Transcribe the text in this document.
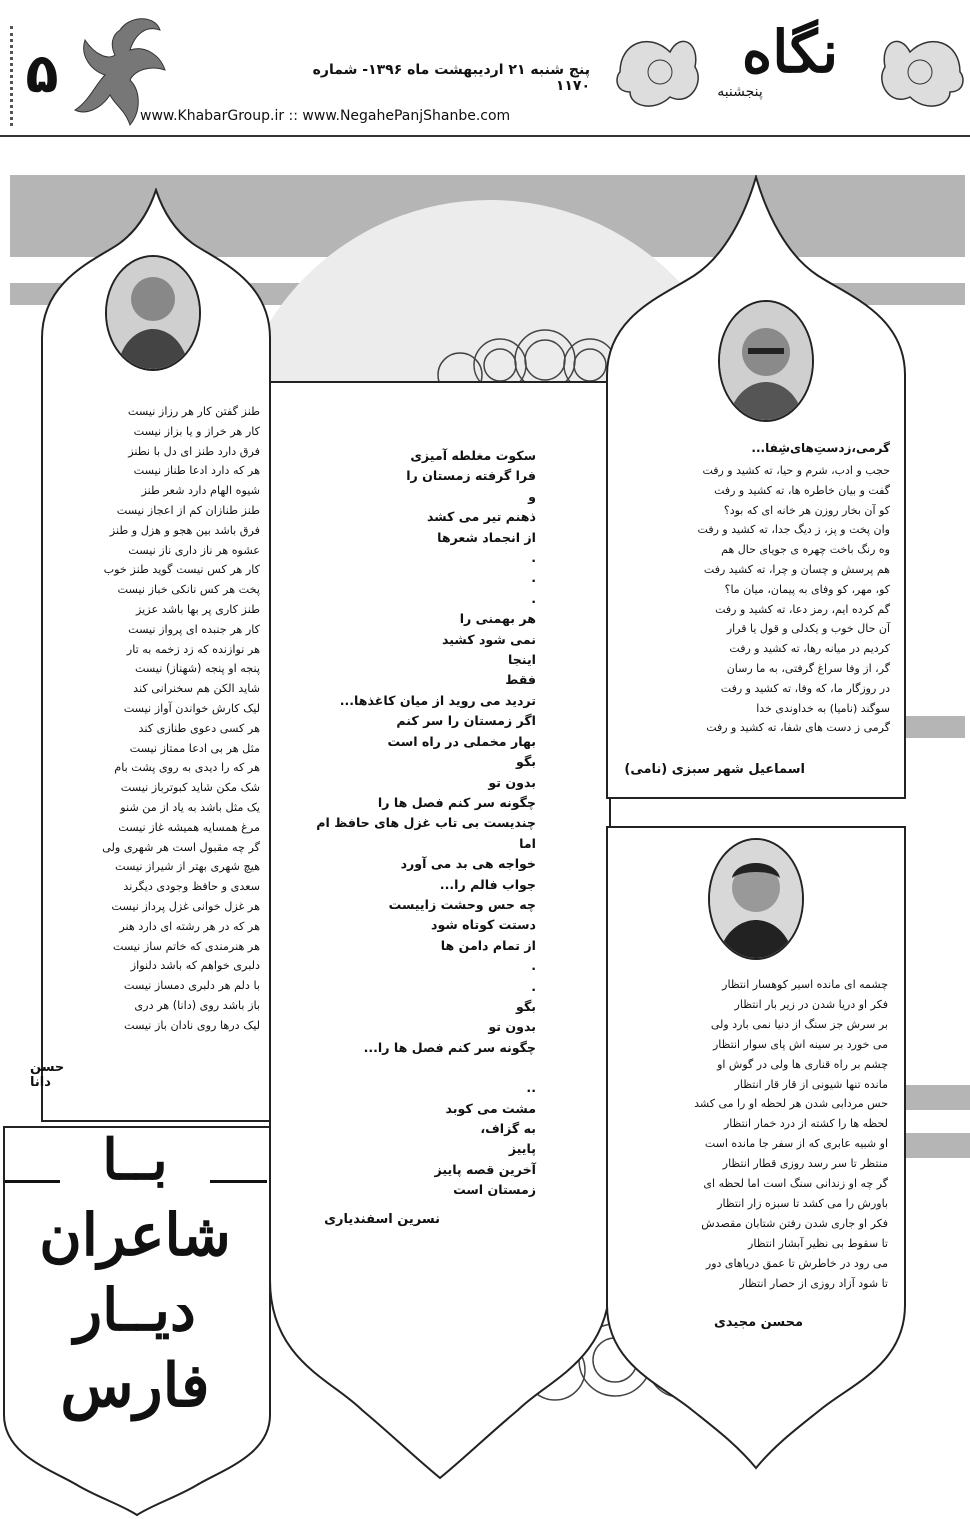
۵	پنج شنبه ۲۱ اردیبهشت ماه ۱۳۹۶- شماره ۱۱۷۰
www.KhabarGroup.ir :: www.NegahePanjShanbe.com
نگاه
پنجشنبه
طنز گفتن کار هر رزاز نیست
کار هر خراز و یا بزاز نیست
فرق دارد طنز ای دل با نطنز
هر که دارد ادعا طناز نیست
شیوه الهام دارد شعر طنز
طنز طنازان کم از اعجاز نیست
فرق باشد بین هجو و هزل و طنز
عشوه هر ناز داری ناز نیست
کار هر کس نیست گوید طنز خوب
پخت هر کس نانکی خباز نیست
طنز کاری پر بها باشد عزیز
کار هر جنبده ای پرواز نیست
هر نوازنده که زد زخمه به تار
پنجه او پنجه (شهناز) نیست
شاید الکن هم سخنرانی کند
لیک کارش خواندن آواز نیست
هر کسی دعوی طنازی کند
مثل هر بی ادعا ممتاز نیست
هر که را دیدی به روی پشت بام
شک مکن شاید کبوترباز نیست
یک مثل باشد به یاد از من شنو
مرغ همسایه همیشه غاز نیست
گر چه مقبول است هر شهری ولی
هیچ شهری بهتر از شیراز نیست
سعدی و حافظ وجودی دیگرند
هر غزل خوانی غزل پرداز نیست
هر که در هر رشته ای دارد هنر
هر هنرمندی که خاتم ساز نیست
دلبری خواهم که باشد دلنواز
با دلم هر دلبری دمساز نیست
باز باشد روی (دانا) هر دری
لیک درها روی نادان باز نیست
حسن دانا
سکوت مغلطه آمیزی
فرا گرفته زمستان را
و
ذهنم تیر می کشد
از انجماد شعرها
.
.
.
هر بهمنی را
نمی شود کشید
اینجا
فقط
تردید می روید از میان کاغذها...
اگر زمستان را سر کنم
بهار مخملی در راه است
بگو
بدون تو
چگونه سر کنم فصل ها را
چندیست بی تاب غزل های حافظ ام
اما
خواجه هی بد می آورد
جواب فالم را...
چه حس وحشت زاییست
دستت کوتاه شود
از تمام دامن ها
.
.
بگو
بدون تو
چگونه سر کنم فصل ها را...
..
مشت می کوبد
به گزاف،
پاییز
آخرین قصه پاییز
زمستان است
نسرین اسفندیاری
گرمی،زدستِ‌های‌شِفا...
حجب و ادب، شرم و حیا، ته کشید و رفت
گفت و بیان خاطره ها، ته کشید و رفت
کو آن بخار روزن هر خانه ای که بود؟
وان پخت و پز، ز دیگ جدا، ته کشید و رفت
وه رنگ باخت چهره ی جویای حال هم
هم پرسش و چسان و چرا، ته کشید رفت
کو، مهر، کو وفای به پیمان، میان ما؟
گم کرده ایم، رمز دعا، ته کشید و رفت
آن حال خوب و یکدلی و قول یا قرار
کردیم در میانه رها، ته کشید و رفت
گر، از وفا سراغ گرفتی، به ما رسان
در روزگار ما، که وفا، ته کشید و رفت
سوگند (نامیا) به خداوندی خدا
گرمی ز دست های شفا، ته کشید و رفت
اسماعیل شهر سبزی (نامی)
چشمه ای مانده اسیر کوهسار انتظار
فکر او دریا شدن در زیر بار انتظار
بر سرش جز سنگ از دنیا نمی بارد ولی
می خورد بر سینه اش پای سوار انتظار
چشم بر راه قناری ها ولی در گوش او
مانده تنها شیونی از قار قار انتظار
حس مردابی شدن هر لحظه او را می کشد
لحظه ها را کشته از درد خمار انتظار
او شبیه عابری که از سفر جا مانده است
منتظر تا سر رسد روزی قطار انتظار
گر چه او زندانی سنگ است اما لحظه ای
باورش را می کشد تا سبزه زار انتظار
فکر او جاری شدن رفتن شتابان مقصدش
تا سقوط بی نظیر آبشار انتظار
می رود در خاطرش تا عمق دریاهای دور
تا شود آزاد روزی از حصار انتظار
محسن مجیدی
بــا
شاعران
دیــار
فارس
